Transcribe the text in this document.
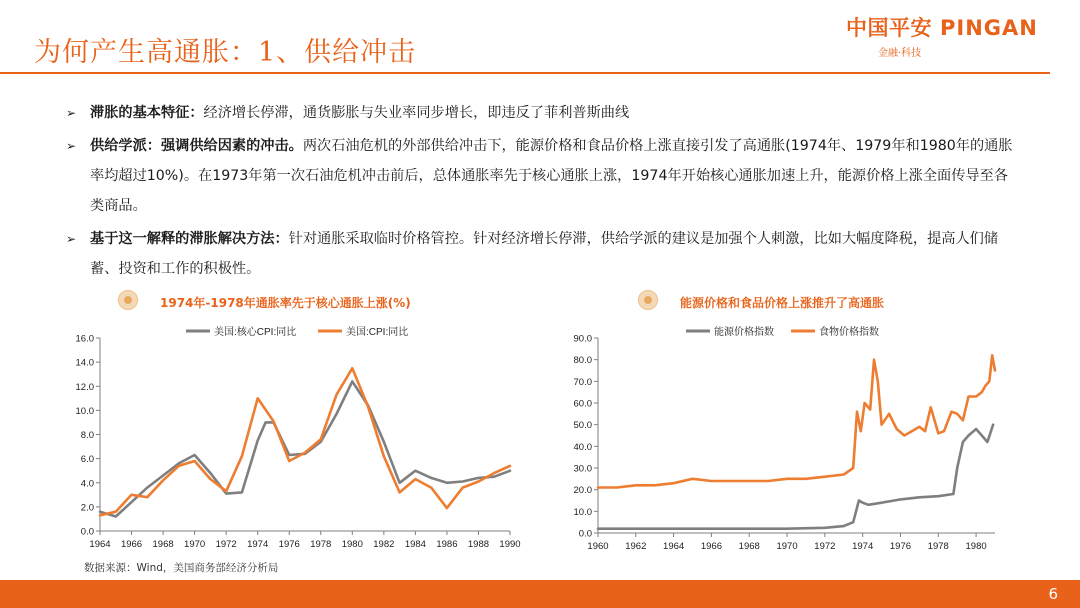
为何产生高通胀：1、供给冲击
中国平安 PINGAN
金融·科技
➢ 滞胀的基本特征：经济增长停滞，通货膨胀与失业率同步增长，即违反了菲利普斯曲线
➢ 供给学派：强调供给因素的冲击。两次石油危机的外部供给冲击下，能源价格和食品价格上涨直接引发了高通胀(1974年、1979年和1980年的通胀率均超过10%)。在1973年第一次石油危机冲击前后，总体通胀率先于核心通胀上涨，1974年开始核心通胀加速上升，能源价格上涨全面传导至各类商品。
➢ 基于这一解释的滞胀解决方法：针对通胀采取临时价格管控。针对经济增长停滞，供给学派的建议是加强个人刺激，比如大幅度降税，提高人们储蓄、投资和工作的积极性。
1974年-1978年通胀率先于核心通胀上涨(%)	能源价格和食品价格上涨推升了高通胀
0.0
2.0
4.0
6.0
8.0
10.0
12.0
14.0
16.0
1964 1966 1968 1970 1972 1974 1976 1978 1980 1982 1984 1986 1988 1990
美国:核心CPI:同比	美国:CPI:同比
0.0
10.0
20.0
30.0
40.0
50.0
60.0
70.0
80.0
90.0
1960 1962 1964 1966 1968 1970 1972 1974 1976 1978 1980
能源价格指数	食物价格指数
数据来源：Wind，美国商务部经济分析局
6
